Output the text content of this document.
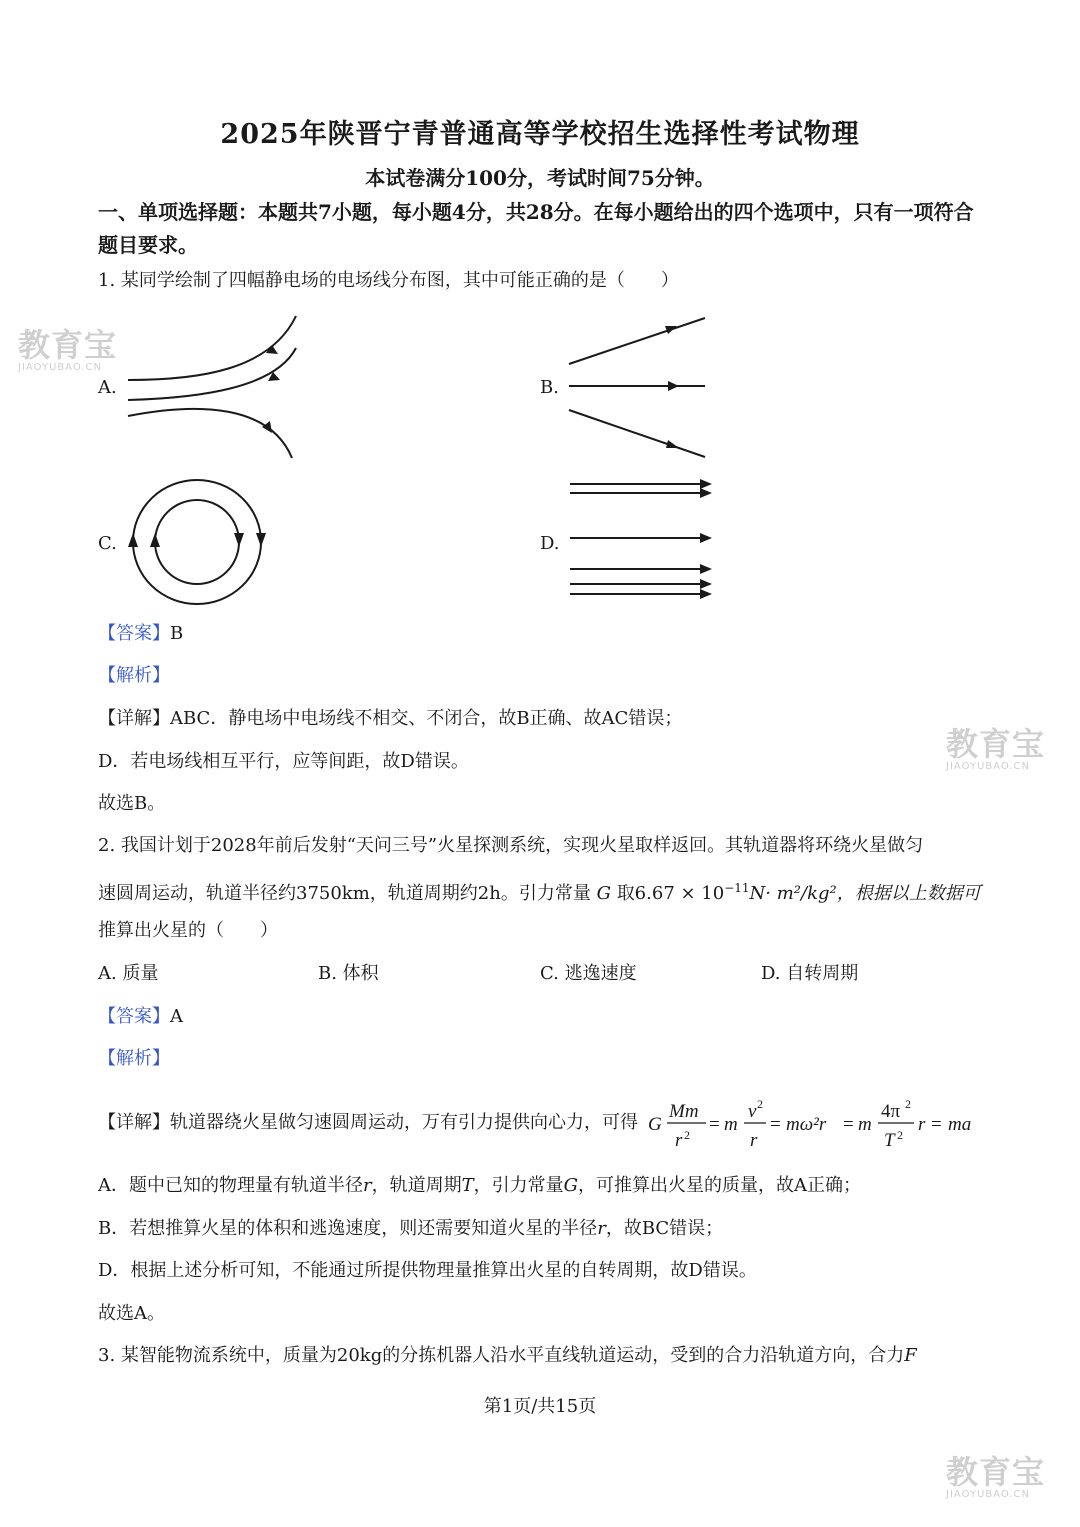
2025年陕晋宁青普通高等学校招生选择性考试物理
本试卷满分100分，考试时间75分钟。
一、单项选择题：本题共7小题，每小题4分，共28分。在每小题给出的四个选项中，只有一项符合题目要求。
1. 某同学绘制了四幅静电场的电场线分布图，其中可能正确的是（　　）
教育宝
JIAOYUBAO.CN
A.	B.
C.	D.
【答案】B
【解析】
【详解】ABC．静电场中电场线不相交、不闭合，故B正确、故AC错误；
教育宝
JIAOYUBAO.CN
D．若电场线相互平行，应等间距，故D错误。
故选B。
2. 我国计划于2028年前后发射“天问三号”火星探测系统，实现火星取样返回。其轨道器将环绕火星做匀
速圆周运动，轨道半径约3750km，轨道周期约2h。引力常量 G 取$6.67 \times 10^{-11}N\cdot m^2/kg^2$，根据以上数据可
推算出火星的（　　）
A. 质量	B. 体积	C. 逃逸速度	D. 自转周期
【答案】A
【解析】
【详解】轨道器绕火星做匀速圆周运动，万有引力提供向心力，可得 G
Mm
r 2 = m
v 2
r
= mω²r = m
4π 2
T 2 r = ma
A．题中已知的物理量有轨道半径r，轨道周期T，引力常量G，可推算出火星的质量，故A正确；
B．若想推算火星的体积和逃逸速度，则还需要知道火星的半径r，故BC错误；
D．根据上述分析可知，不能通过所提供物理量推算出火星的自转周期，故D错误。
故选A。
3. 某智能物流系统中，质量为20kg的分拣机器人沿水平直线轨道运动，受到的合力沿轨道方向，合力F
第1页/共15页
教育宝
JIAOYUBAO.CN
